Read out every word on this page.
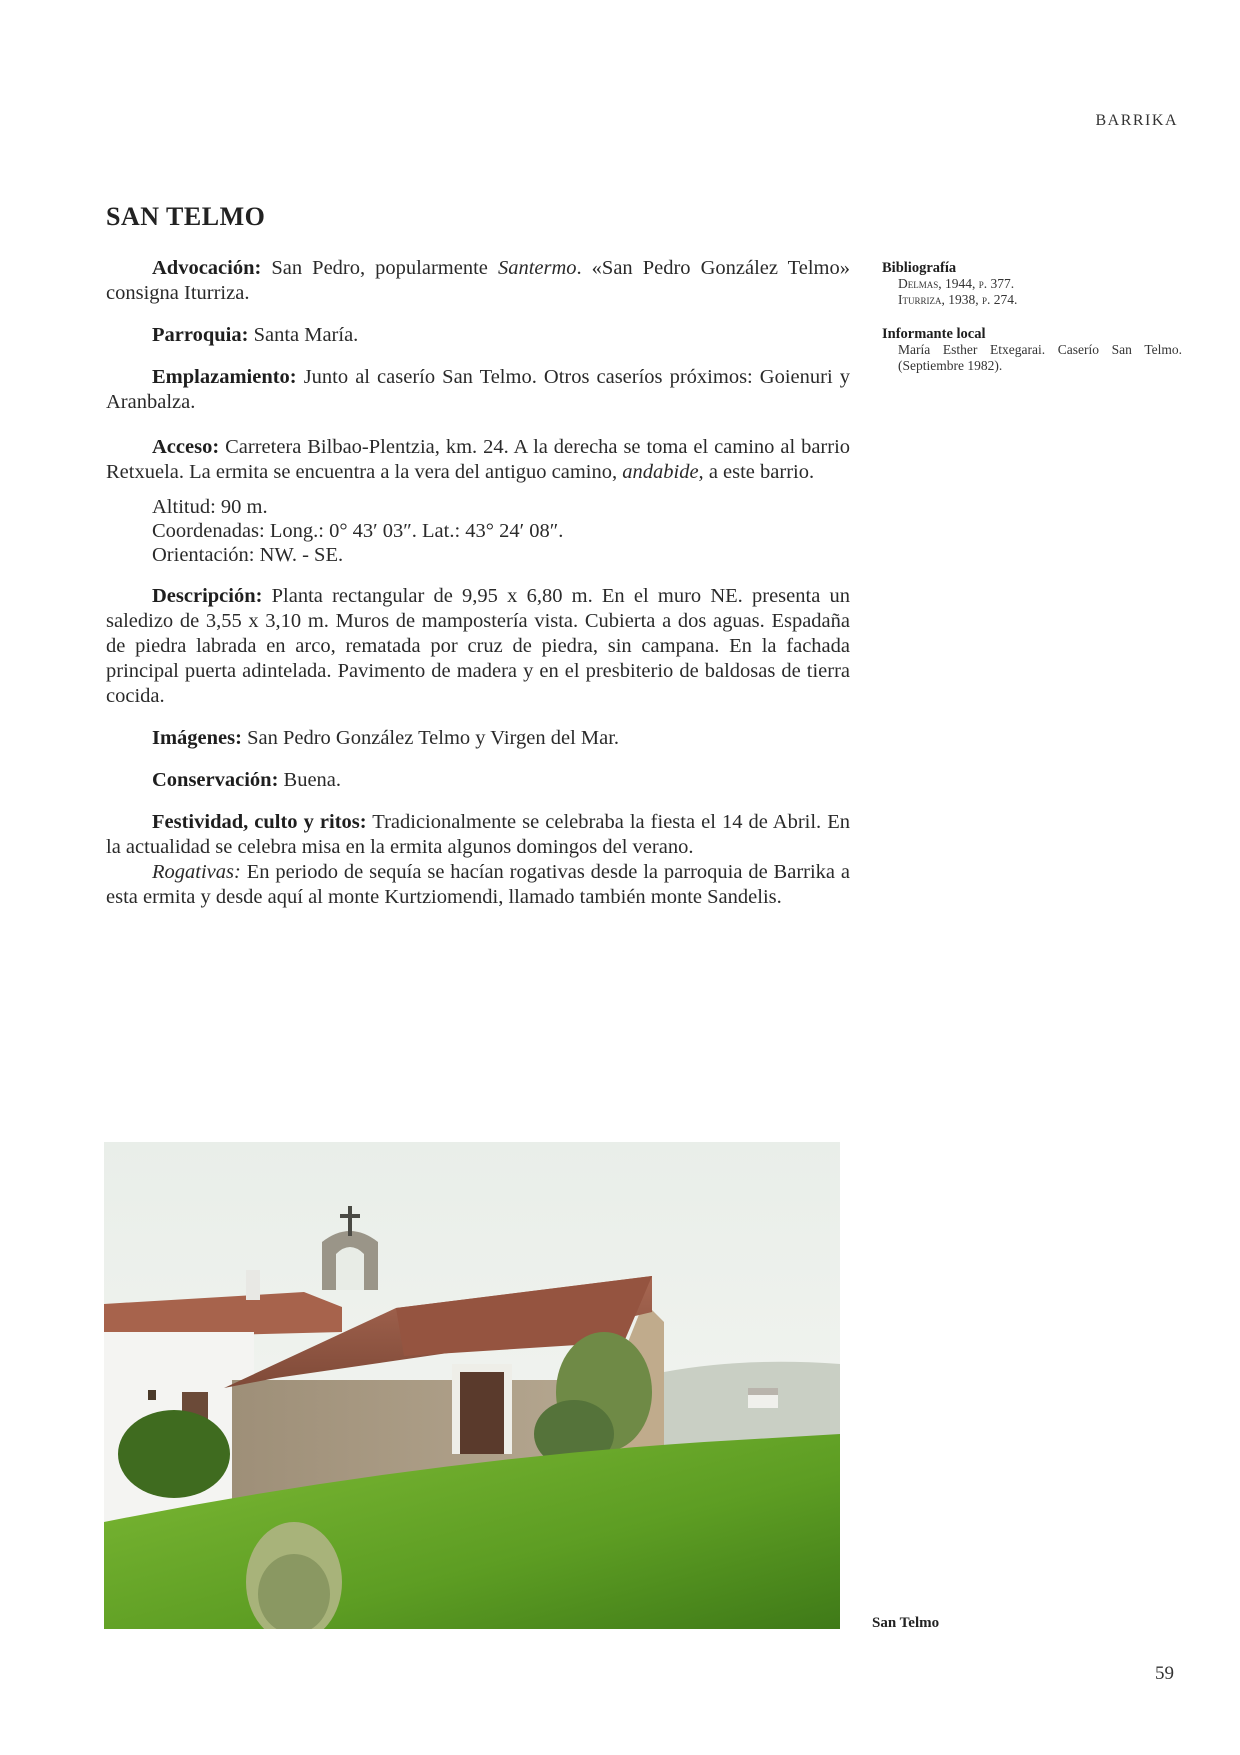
BARRIKA
SAN TELMO

Advocación: San Pedro, popularmente Santermo. «San Pedro González Telmo» consigna Iturriza.

Parroquia: Santa María.

Emplazamiento: Junto al caserío San Telmo. Otros caseríos próximos: Goienuri y Aranbalza.

Acceso: Carretera Bilbao-Plentzia, km. 24. A la derecha se toma el camino al barrio Retxuela. La ermita se encuentra a la vera del antiguo camino, andabide, a este barrio.

Altitud: 90 m.
Coordenadas: Long.: 0° 43′ 03″. Lat.: 43° 24′ 08″.
Orientación: NW. - SE.

Descripción: Planta rectangular de 9,95 x 6,80 m. En el muro NE. presenta un saledizo de 3,55 x 3,10 m. Muros de mampostería vista. Cubierta a dos aguas. Espadaña de piedra labrada en arco, rematada por cruz de piedra, sin campana. En la fachada principal puerta adintelada. Pavimento de madera y en el presbiterio de baldosas de tierra cocida.

Imágenes: San Pedro González Telmo y Virgen del Mar.

Conservación: Buena.

Festividad, culto y ritos: Tradicionalmente se celebraba la fiesta el 14 de Abril. En la actualidad se celebra misa en la ermita algunos domingos del verano.

Rogativas: En periodo de sequía se hacían rogativas desde la parroquia de Barrika a esta ermita y desde aquí al monte Kurtziomendi, llamado también monte Sandelis.

Bibliografía
Delmas, 1944, p. 377.
Iturriza, 1938, p. 274.
Informante local
María Esther Etxegarai. Caserío San Telmo. (Septiembre 1982).
San Telmo
59
